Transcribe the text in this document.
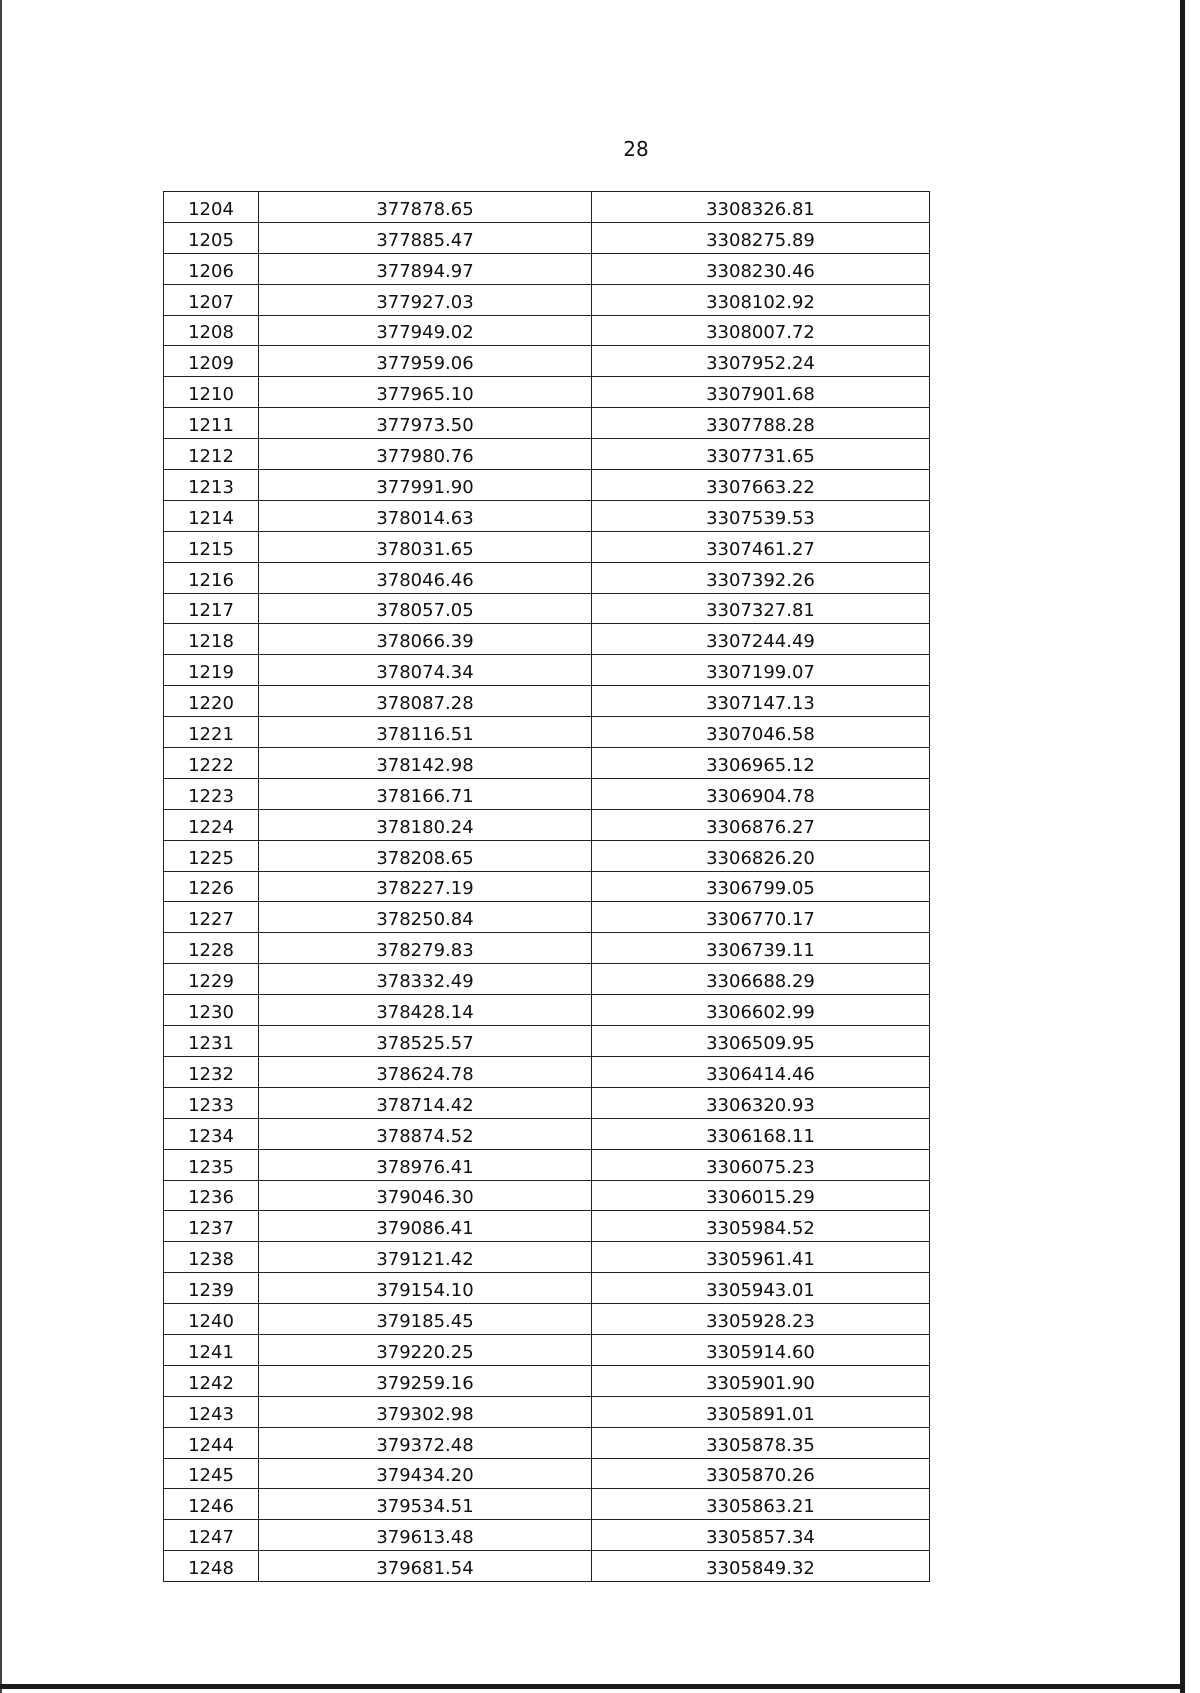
28
1204	377878.65	3308326.81
1205	377885.47	3308275.89
1206	377894.97	3308230.46
1207	377927.03	3308102.92
1208	377949.02	3308007.72
1209	377959.06	3307952.24
1210	377965.10	3307901.68
1211	377973.50	3307788.28
1212	377980.76	3307731.65
1213	377991.90	3307663.22
1214	378014.63	3307539.53
1215	378031.65	3307461.27
1216	378046.46	3307392.26
1217	378057.05	3307327.81
1218	378066.39	3307244.49
1219	378074.34	3307199.07
1220	378087.28	3307147.13
1221	378116.51	3307046.58
1222	378142.98	3306965.12
1223	378166.71	3306904.78
1224	378180.24	3306876.27
1225	378208.65	3306826.20
1226	378227.19	3306799.05
1227	378250.84	3306770.17
1228	378279.83	3306739.11
1229	378332.49	3306688.29
1230	378428.14	3306602.99
1231	378525.57	3306509.95
1232	378624.78	3306414.46
1233	378714.42	3306320.93
1234	378874.52	3306168.11
1235	378976.41	3306075.23
1236	379046.30	3306015.29
1237	379086.41	3305984.52
1238	379121.42	3305961.41
1239	379154.10	3305943.01
1240	379185.45	3305928.23
1241	379220.25	3305914.60
1242	379259.16	3305901.90
1243	379302.98	3305891.01
1244	379372.48	3305878.35
1245	379434.20	3305870.26
1246	379534.51	3305863.21
1247	379613.48	3305857.34
1248	379681.54	3305849.32
